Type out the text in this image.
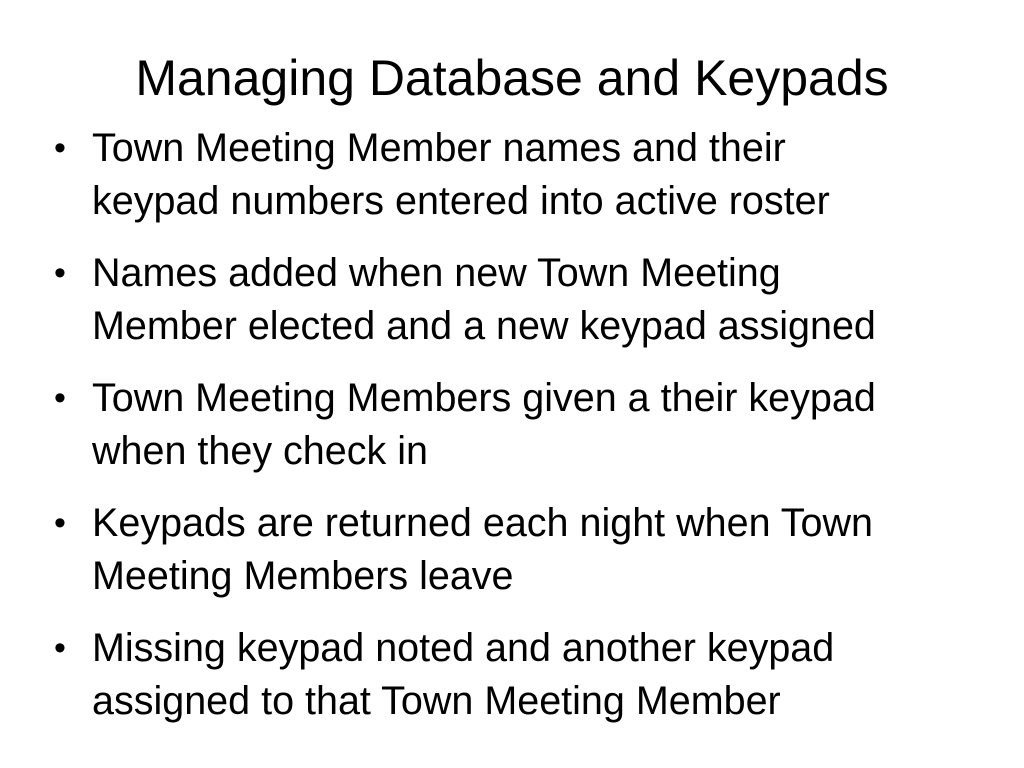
Managing Database and Keypads
• Town Meeting Member names and their
keypad numbers entered into active roster
• Names added when new Town Meeting
Member elected and a new keypad assigned
• Town Meeting Members given a their keypad
when they check in
• Keypads are returned each night when Town
Meeting Members leave
• Missing keypad noted and another keypad
assigned to that Town Meeting Member
